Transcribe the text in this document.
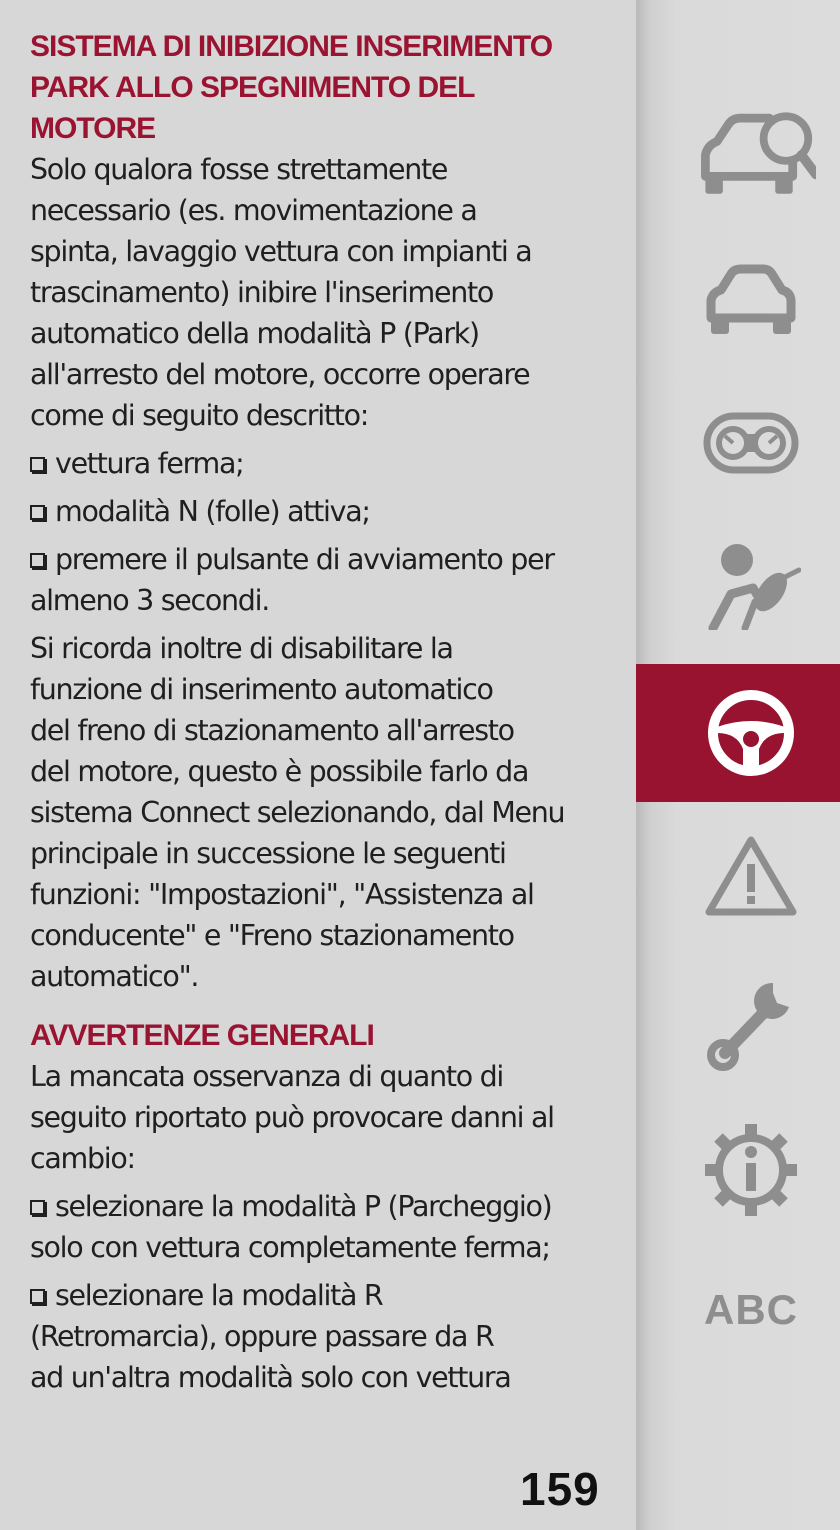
SISTEMA DI INIBIZIONE INSERIMENTO
PARK ALLO SPEGNIMENTO DEL
MOTORE
Solo qualora fosse strettamente
necessario (es. movimentazione a
spinta, lavaggio vettura con impianti a
trascinamento) inibire l'inserimento
automatico della modalità P (Park)
all'arresto del motore, occorre operare
come di seguito descritto:
vettura ferma;
modalità N (folle) attiva;
premere il pulsante di avviamento per
almeno 3 secondi.
Si ricorda inoltre di disabilitare la
funzione di inserimento automatico
del freno di stazionamento all'arresto
del motore, questo è possibile farlo da
sistema Connect selezionando, dal Menu
principale in successione le seguenti
funzioni: "Impostazioni", "Assistenza al
conducente" e "Freno stazionamento
automatico".
AVVERTENZE GENERALI
La mancata osservanza di quanto di
seguito riportato può provocare danni al
cambio:
selezionare la modalità P (Parcheggio)
solo con vettura completamente ferma;
selezionare la modalità R
(Retromarcia), oppure passare da R
ad un'altra modalità solo con vettura
159
ABC
